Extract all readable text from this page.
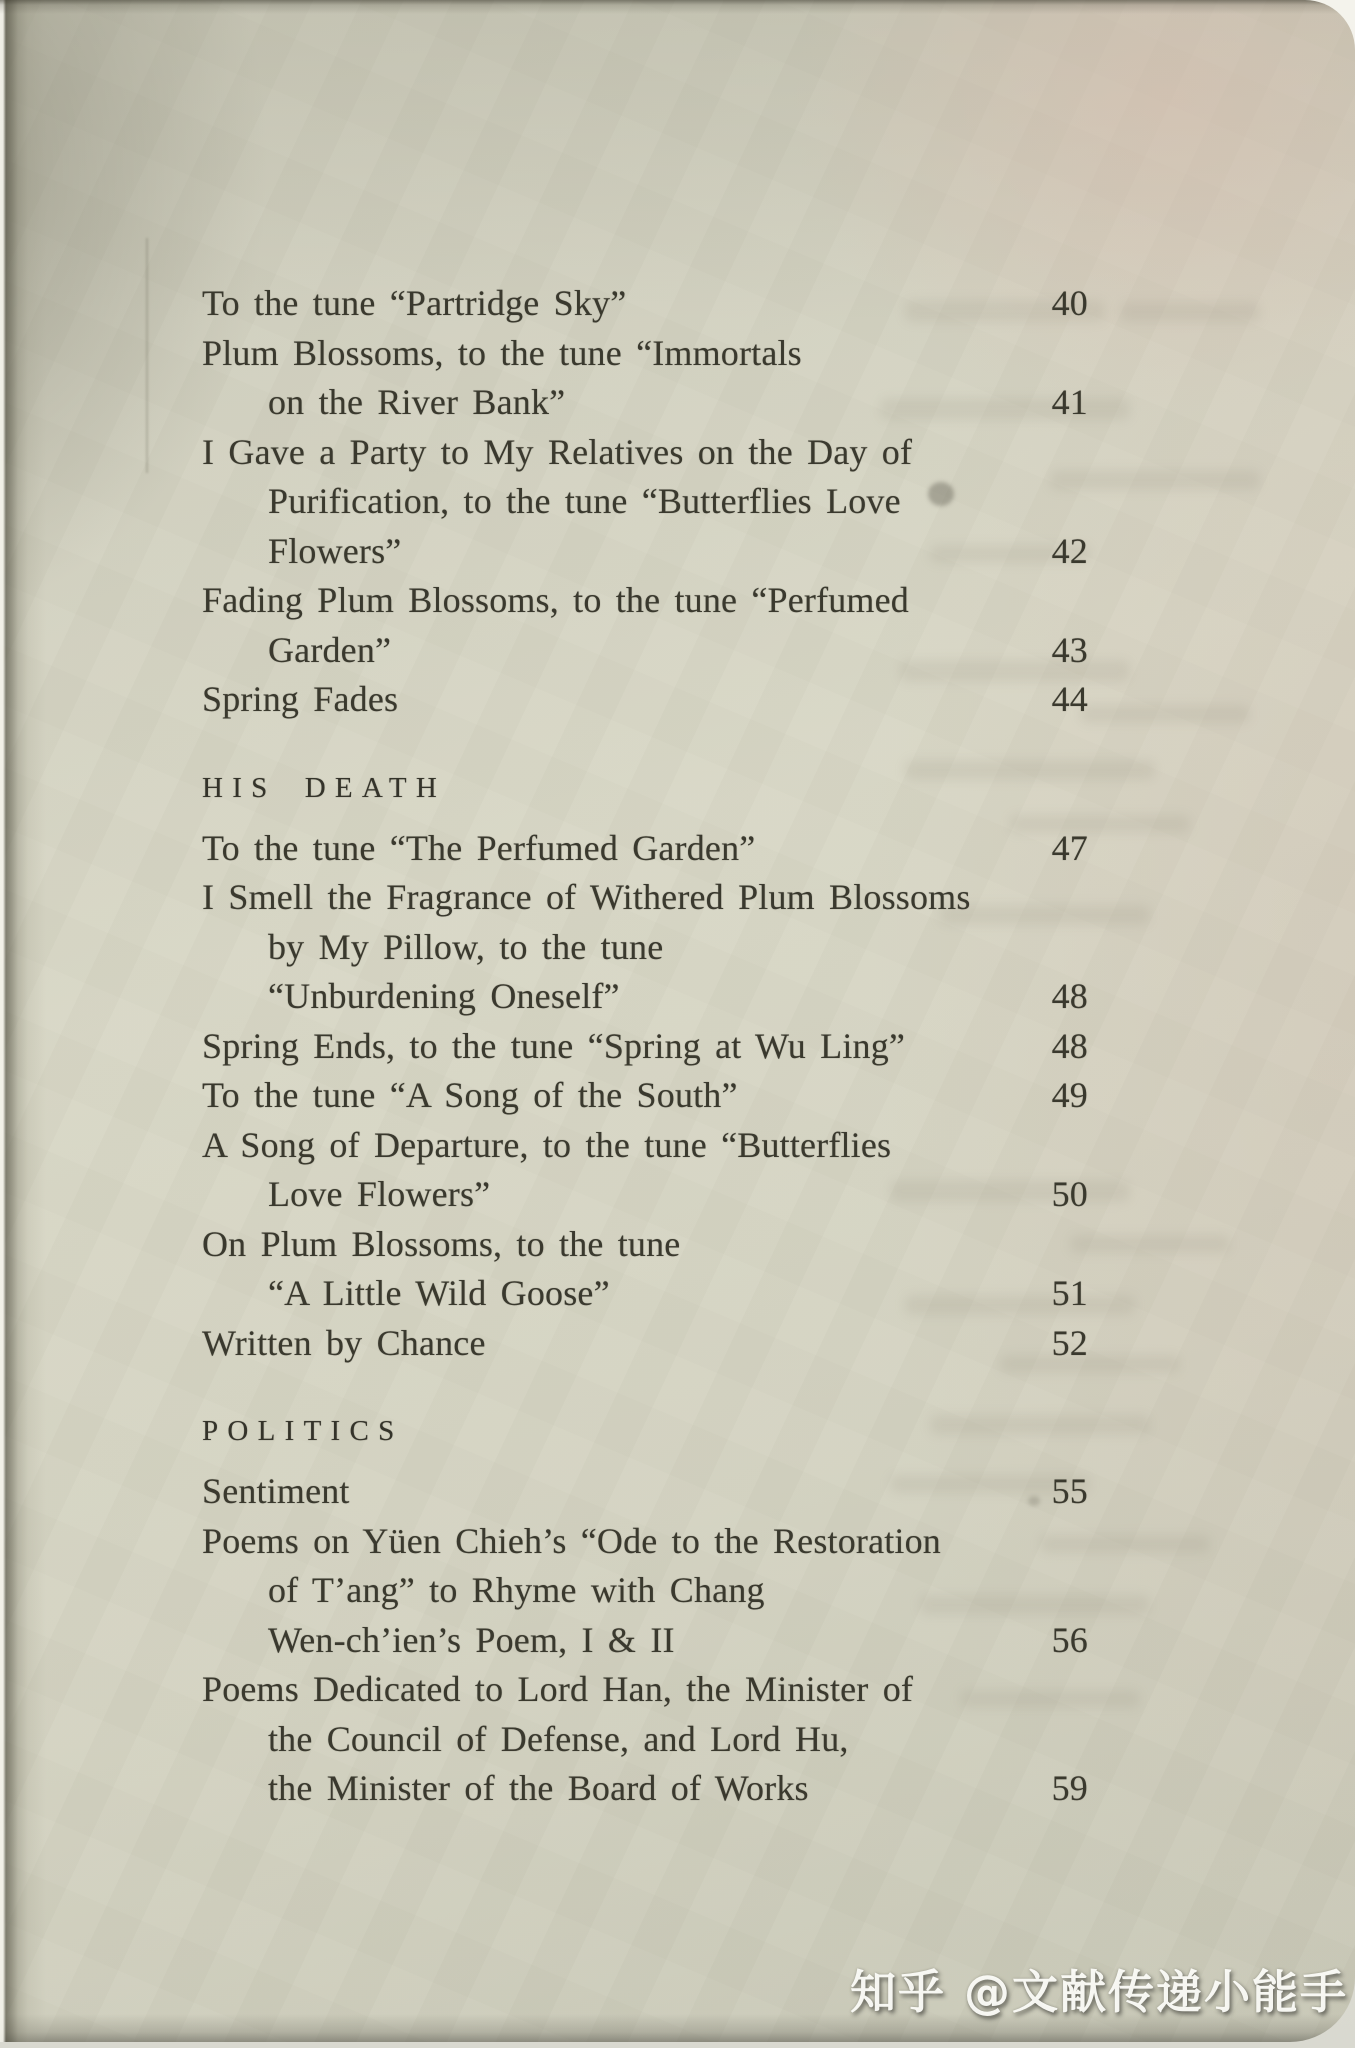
To the tune “Partridge Sky”	40
Plum Blossoms, to the tune “Immortals
on the River Bank”	41
I Gave a Party to My Relatives on the Day of
Purification, to the tune “Butterflies Love
Flowers”	42
Fading Plum Blossoms, to the tune “Perfumed
Garden”	43
Spring Fades	44
HIS DEATH
To the tune “The Perfumed Garden”	47
I Smell the Fragrance of Withered Plum Blossoms
by My Pillow, to the tune
“Unburdening Oneself”	48
Spring Ends, to the tune “Spring at Wu Ling”	48
To the tune “A Song of the South”	49
A Song of Departure, to the tune “Butterflies
Love Flowers”	50
On Plum Blossoms, to the tune
“A Little Wild Goose”	51
Written by Chance	52
POLITICS
Sentiment	55
Poems on Yüen Chieh’s “Ode to the Restoration
of T’ang” to Rhyme with Chang
Wen-ch’ien’s Poem, I & II	56
Poems Dedicated to Lord Han, the Minister of
the Council of Defense, and Lord Hu,
the Minister of the Board of Works	59
知乎 @文献传递小能手
